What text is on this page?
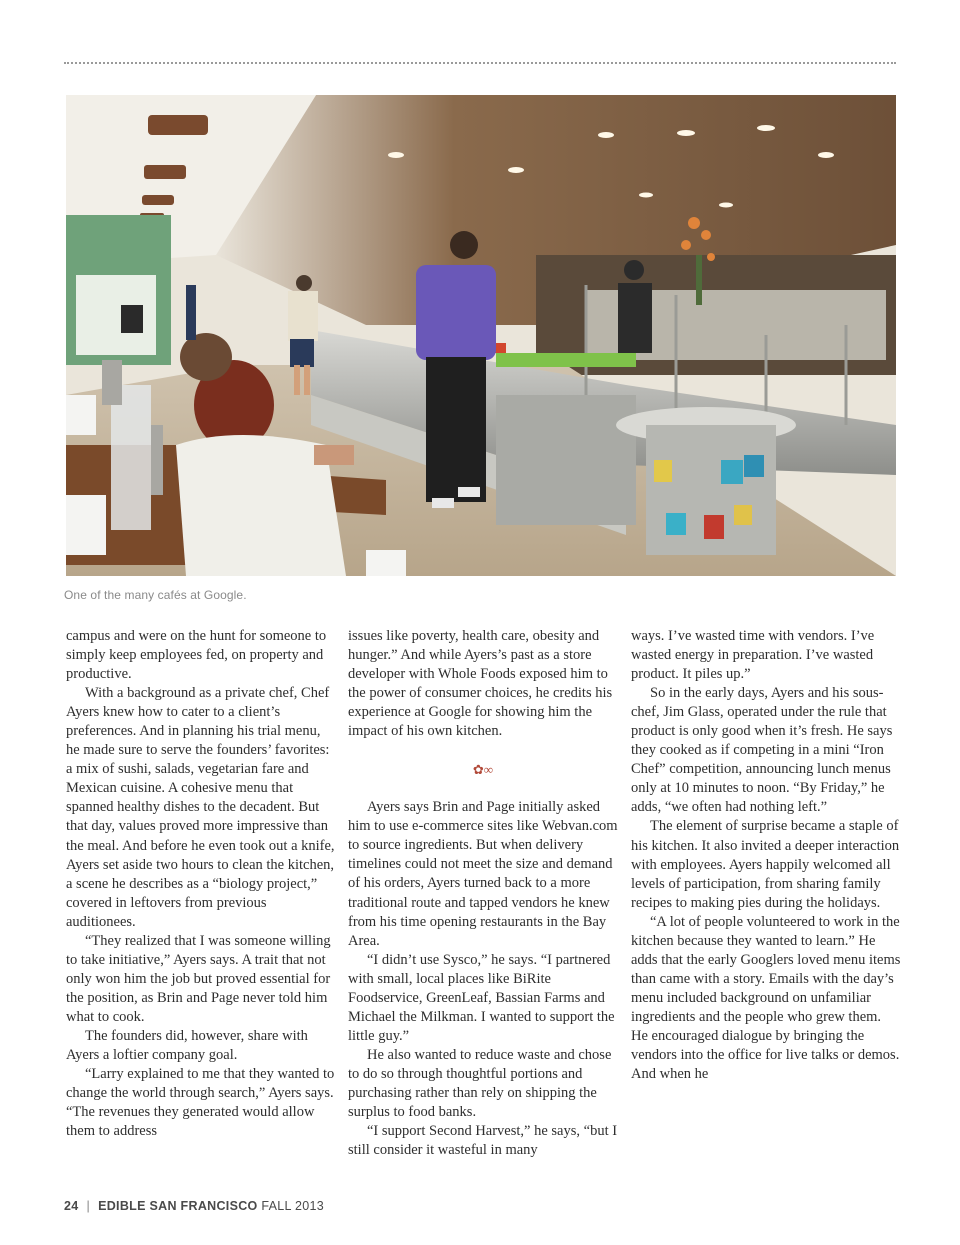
One of the many cafés at Google.

campus and were on the hunt for someone to simply keep employees fed, on property and productive.

With a background as a private chef, Chef Ayers knew how to cater to a client’s preferences. And in planning his trial menu, he made sure to serve the founders’ favorites: a mix of sushi, salads, vegetarian fare and Mexican cuisine. A cohesive menu that spanned healthy dishes to the decadent. But that day, values proved more impressive than the meal. And before he even took out a knife, Ayers set aside two hours to clean the kitchen, a scene he describes as a “biology project,” covered in leftovers from previous auditionees.

“They realized that I was someone willing to take initiative,” Ayers says. A trait that not only won him the job but proved essential for the position, as Brin and Page never told him what to cook.

The founders did, however, share with Ayers a loftier company goal.

“Larry explained to me that they wanted to change the world through search,” Ayers says. “The revenues they generated would allow them to address

issues like poverty, health care, obesity and hunger.” And while Ayers’s past as a store developer with Whole Foods exposed him to the power of consumer choices, he credits his experience at Google for showing him the impact of his own kitchen.

✿∞

Ayers says Brin and Page initially asked him to use e-commerce sites like Webvan.com to source ingredients. But when delivery timelines could not meet the size and demand of his orders, Ayers turned back to a more traditional route and tapped vendors he knew from his time opening restaurants in the Bay Area.

“I didn’t use Sysco,” he says. “I partnered with small, local places like BiRite Foodservice, GreenLeaf, Bassian Farms and Michael the Milkman. I wanted to support the little guy.”

He also wanted to reduce waste and chose to do so through thoughtful portions and purchasing rather than rely on shipping the surplus to food banks.

“I support Second Harvest,” he says, “but I still consider it wasteful in many

ways. I’ve wasted time with vendors. I’ve wasted energy in preparation. I’ve wasted product. It piles up.”

So in the early days, Ayers and his sous-chef, Jim Glass, operated under the rule that product is only good when it’s fresh. He says they cooked as if competing in a mini “Iron Chef” competition, announcing lunch menus only at 10 minutes to noon. “By Friday,” he adds, “we often had nothing left.”

The element of surprise became a staple of his kitchen. It also invited a deeper interaction with employees. Ayers happily welcomed all levels of participation, from sharing family recipes to making pies during the holidays.

“A lot of people volunteered to work in the kitchen because they wanted to learn.” He adds that the early Googlers loved menu items than came with a story. Emails with the day’s menu included background on unfamiliar ingredients and the people who grew them. He encouraged dialogue by bringing the vendors into the office for live talks or demos. And when he

24 | EDIBLE SAN FRANCISCO FALL 2013
